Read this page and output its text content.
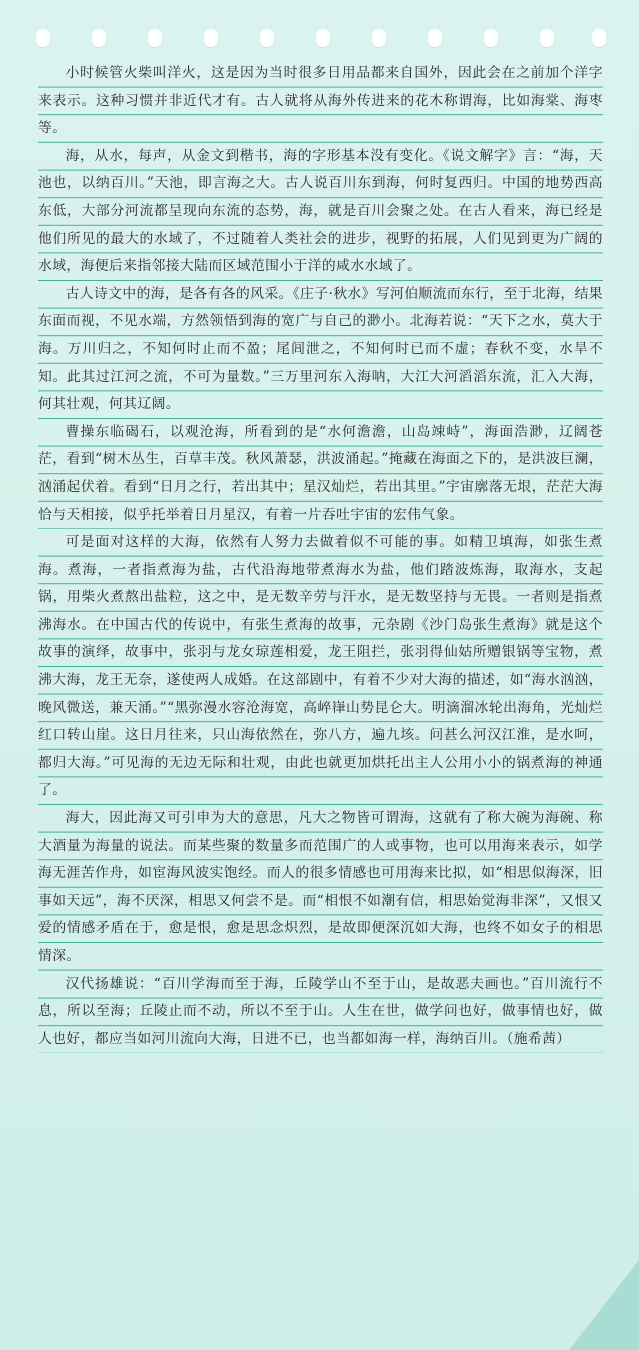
小时候管火柴叫洋火，这是因为当时很多日用品都来自国外，因此会在之前加个洋字来表示。这种习惯并非近代才有。古人就将从海外传进来的花木称谓海，比如海棠、海枣等。

海，从水，每声，从金文到楷书，海的字形基本没有变化。《说文解字》言：“海，天池也，以纳百川。”天池，即言海之大。古人说百川东到海，何时复西归。中国的地势西高东低，大部分河流都呈现向东流的态势，海，就是百川会聚之处。在古人看来，海已经是他们所见的最大的水域了，不过随着人类社会的进步，视野的拓展，人们见到更为广阔的水域，海便后来指邻接大陆而区域范围小于洋的咸水水域了。

古人诗文中的海，是各有各的风采。《庄子·秋水》写河伯顺流而东行，至于北海，结果东面而视，不见水端，方然领悟到海的宽广与自己的渺小。北海若说：“天下之水，莫大于海。万川归之，不知何时止而不盈；尾闾泄之，不知何时已而不虚；春秋不变，水旱不知。此其过江河之流，不可为量数。”三万里河东入海呐，大江大河滔滔东流，汇入大海，何其壮观，何其辽阔。

曹操东临碣石，以观沧海，所看到的是“水何澹澹，山岛竦峙”，海面浩渺，辽阔苍茫，看到“树木丛生，百草丰茂。秋风萧瑟，洪波涌起。”掩藏在海面之下的，是洪波巨澜，汹涌起伏着。看到“日月之行，若出其中；星汉灿烂，若出其里。”宇宙廓落无垠，茫茫大海恰与天相接，似乎托举着日月星汉，有着一片吞吐宇宙的宏伟气象。

可是面对这样的大海，依然有人努力去做着似不可能的事。如精卫填海，如张生煮海。煮海，一者指煮海为盐，古代沿海地带煮海水为盐，他们踏波炼海，取海水，支起锅，用柴火煮熬出盐粒，这之中，是无数辛劳与汗水，是无数坚持与无畏。一者则是指煮沸海水。在中国古代的传说中，有张生煮海的故事，元杂剧《沙门岛张生煮海》就是这个故事的演绎，故事中，张羽与龙女琼莲相爱，龙王阻拦，张羽得仙姑所赠银锅等宝物，煮沸大海，龙王无奈，遂使两人成婚。在这部剧中，有着不少对大海的描述，如“海水汹汹，晚风微送，兼天涌。”“黑弥漫水容沧海宽，高崪嵂山势昆仑大。明滴溜冰轮出海角，光灿烂红口转山崖。这日月往来，只山海依然在，弥八方，遍九垓。问甚么河汉江淮，是水呵，都归大海。”可见海的无边无际和壮观，由此也就更加烘托出主人公用小小的锅煮海的神通了。

海大，因此海又可引申为大的意思，凡大之物皆可谓海，这就有了称大碗为海碗、称大酒量为海量的说法。而某些聚的数量多而范围广的人或事物，也可以用海来表示，如学海无涯苦作舟，如宦海风波实饱经。而人的很多情感也可用海来比拟，如“相思似海深，旧事如天远”，海不厌深，相思又何尝不是。而“相恨不如潮有信，相思始觉海非深”，又恨又爱的情感矛盾在于，愈是恨，愈是思念炽烈，是故即便深沉如大海，也终不如女子的相思情深。

汉代扬雄说：“百川学海而至于海，丘陵学山不至于山，是故恶夫画也。”百川流行不息，所以至海；丘陵止而不动，所以不至于山。人生在世，做学问也好，做事情也好，做人也好，都应当如河川流向大海，日进不已，也当都如海一样，海纳百川。（施希茜）
